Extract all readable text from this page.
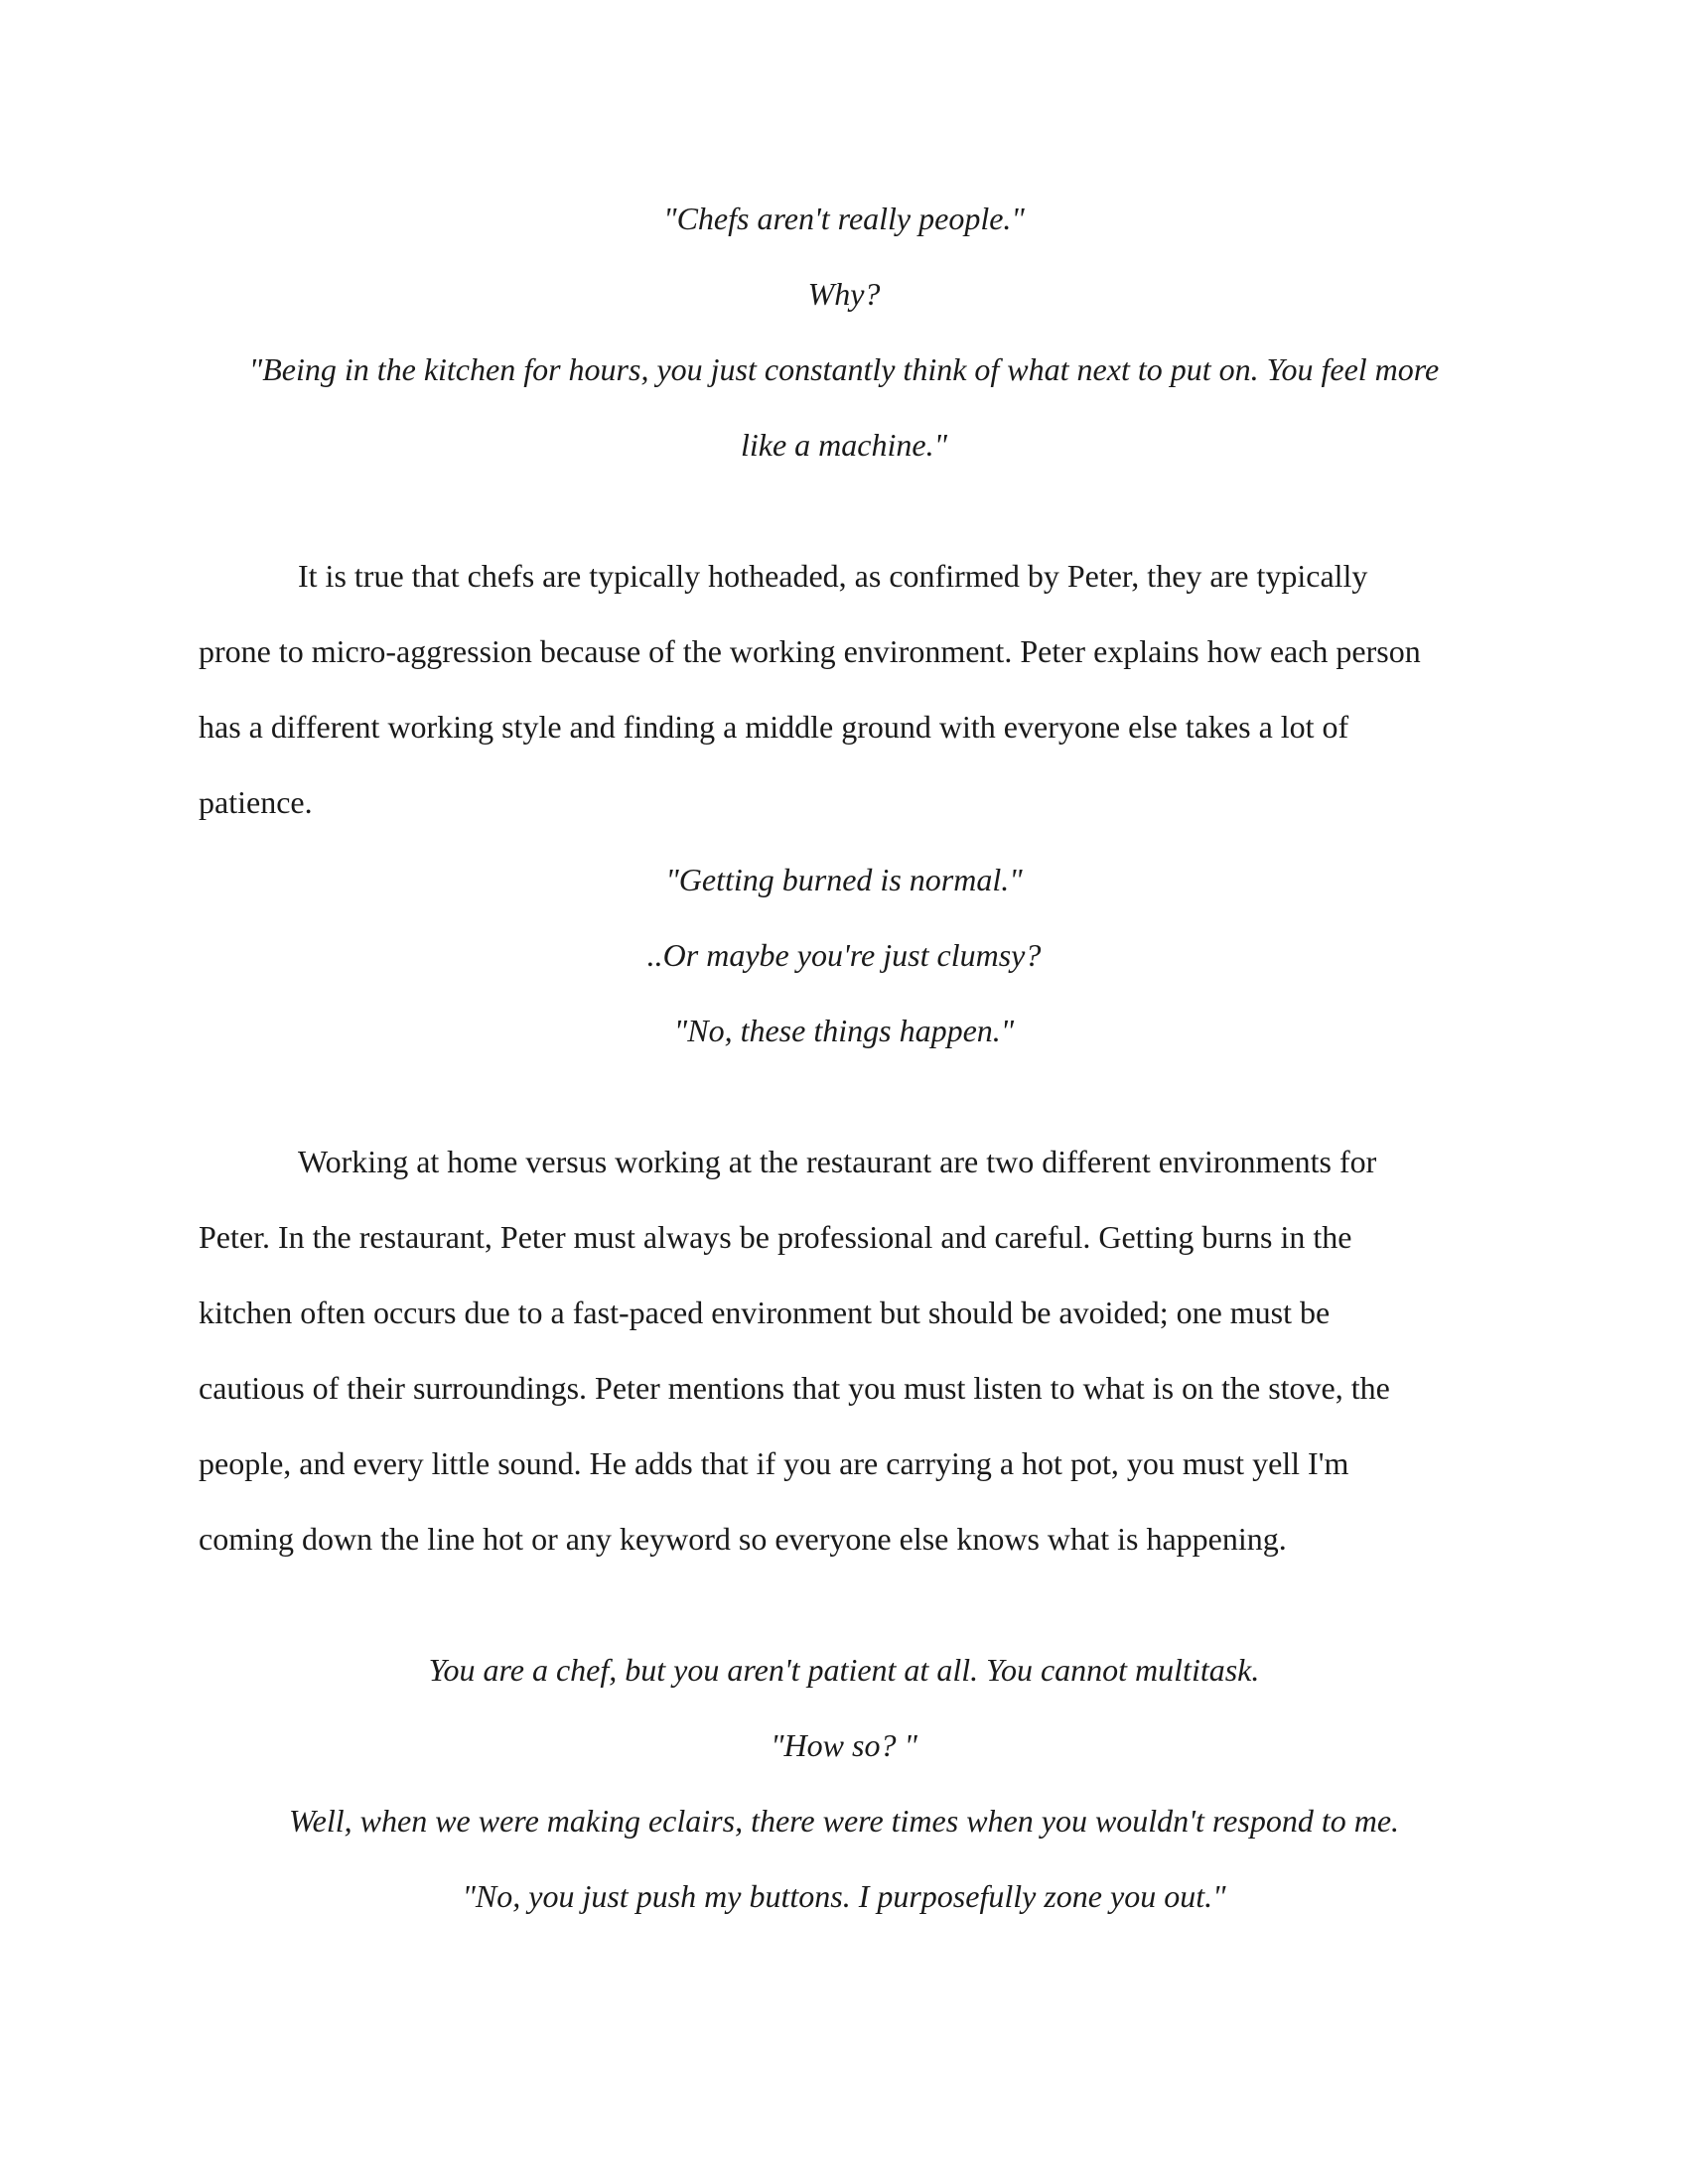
"Chefs aren't really people."
Why?
"Being in the kitchen for hours, you just constantly think of what next to put on. You feel more
like a machine."
It is true that chefs are typically hotheaded, as confirmed by Peter, they are typically
prone to micro-aggression because of the working environment. Peter explains how each person
has a different working style and finding a middle ground with everyone else takes a lot of
patience.
"Getting burned is normal."
..Or maybe you're just clumsy?
"No, these things happen."
Working at home versus working at the restaurant are two different environments for
Peter. In the restaurant, Peter must always be professional and careful. Getting burns in the
kitchen often occurs due to a fast-paced environment but should be avoided; one must be
cautious of their surroundings. Peter mentions that you must listen to what is on the stove, the
people, and every little sound. He adds that if you are carrying a hot pot, you must yell I'm
coming down the line hot or any keyword so everyone else knows what is happening.
You are a chef, but you aren't patient at all. You cannot multitask.
"How so? "
Well, when we were making eclairs, there were times when you wouldn't respond to me.
"No, you just push my buttons. I purposefully zone you out."
